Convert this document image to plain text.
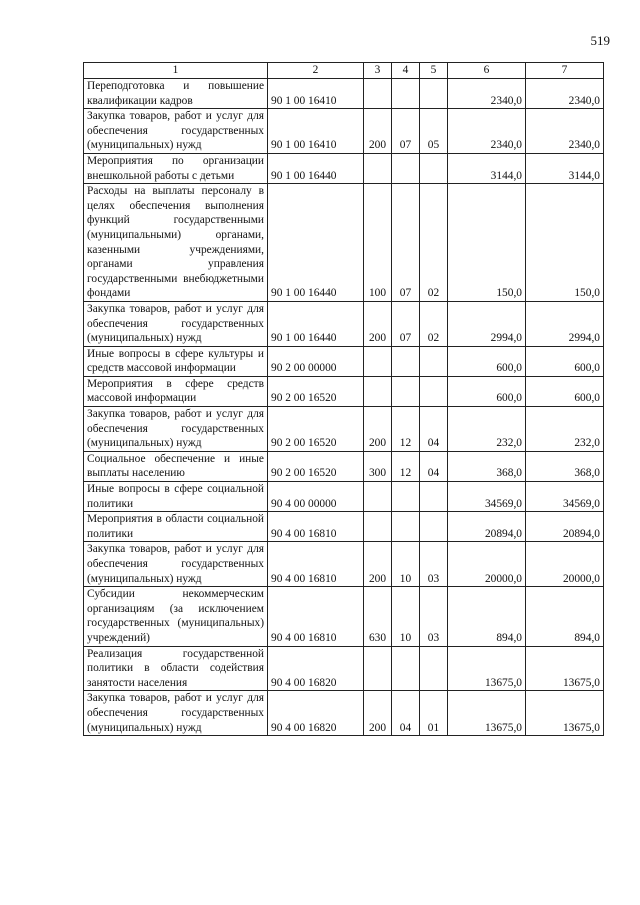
519
1	2	3	4	5	6	7
Переподготовка и повышение квалификации кадров	90 1 00 16410				2340,0	2340,0
Закупка товаров, работ и услуг для обеспечения государственных (муниципальных) нужд	90 1 00 16410	200	07	05	2340,0	2340,0
Мероприятия по организации внешкольной работы с детьми	90 1 00 16440				3144,0	3144,0
Расходы на выплаты персоналу в целях обеспечения выполнения функций государственными (муниципальными) органами, казенными учреждениями, органами управления государственными внебюджетными фондами	90 1 00 16440	100	07	02	150,0	150,0
Закупка товаров, работ и услуг для обеспечения государственных (муниципальных) нужд	90 1 00 16440	200	07	02	2994,0	2994,0
Иные вопросы в сфере культуры и средств массовой информации	90 2 00 00000				600,0	600,0
Мероприятия в сфере средств массовой информации	90 2 00 16520				600,0	600,0
Закупка товаров, работ и услуг для обеспечения государственных (муниципальных) нужд	90 2 00 16520	200	12	04	232,0	232,0
Социальное обеспечение и иные выплаты населению	90 2 00 16520	300	12	04	368,0	368,0
Иные вопросы в сфере социальной политики	90 4 00 00000				34569,0	34569,0
Мероприятия в области социальной политики	90 4 00 16810				20894,0	20894,0
Закупка товаров, работ и услуг для обеспечения государственных (муниципальных) нужд	90 4 00 16810	200	10	03	20000,0	20000,0
Субсидии некоммерческим организациям (за исключением государственных (муниципальных) учреждений)	90 4 00 16810	630	10	03	894,0	894,0
Реализация государственной политики в области содействия занятости населения	90 4 00 16820				13675,0	13675,0
Закупка товаров, работ и услуг для обеспечения государственных (муниципальных) нужд	90 4 00 16820	200	04	01	13675,0	13675,0
